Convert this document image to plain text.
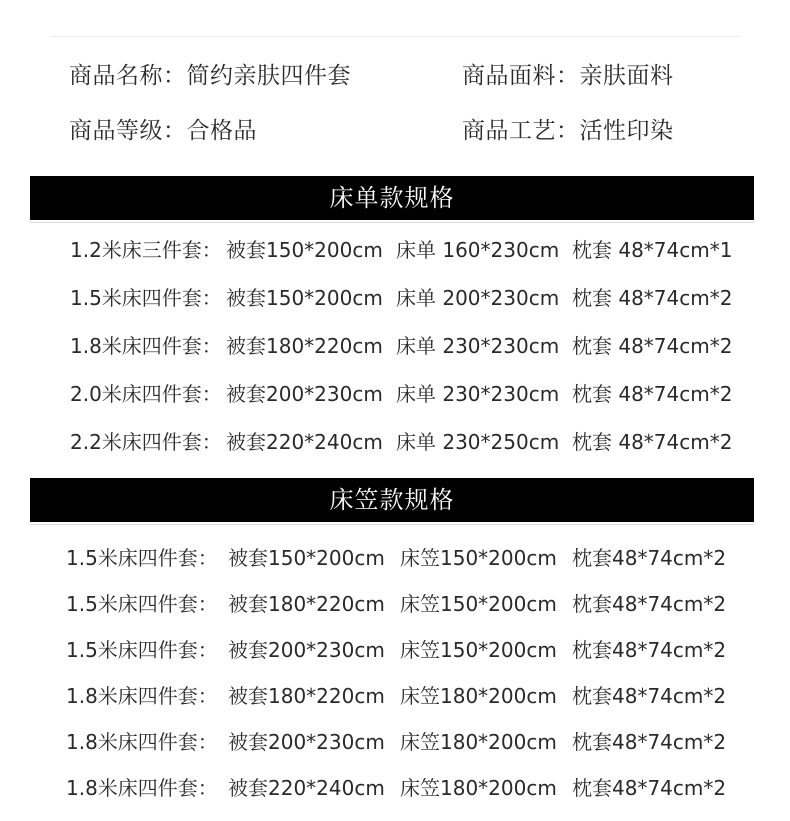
商品名称：简约亲肤四件套	商品面料：亲肤面料
商品等级：合格品	商品工艺：活性印染
床单款规格
1.2米床三件套： 被套150*200cm 床单 160*230cm 枕套 48*74cm*1
1.5米床四件套： 被套150*200cm 床单 200*230cm 枕套 48*74cm*2
1.8米床四件套： 被套180*220cm 床单 230*230cm 枕套 48*74cm*2
2.0米床四件套： 被套200*230cm 床单 230*230cm 枕套 48*74cm*2
2.2米床四件套： 被套220*240cm 床单 230*250cm 枕套 48*74cm*2
床笠款规格
1.5米床四件套： 被套150*200cm 床笠150*200cm 枕套48*74cm*2
1.5米床四件套： 被套180*220cm 床笠150*200cm 枕套48*74cm*2
1.5米床四件套： 被套200*230cm 床笠150*200cm 枕套48*74cm*2
1.8米床四件套： 被套180*220cm 床笠180*200cm 枕套48*74cm*2
1.8米床四件套： 被套200*230cm 床笠180*200cm 枕套48*74cm*2
1.8米床四件套： 被套220*240cm 床笠180*200cm 枕套48*74cm*2
